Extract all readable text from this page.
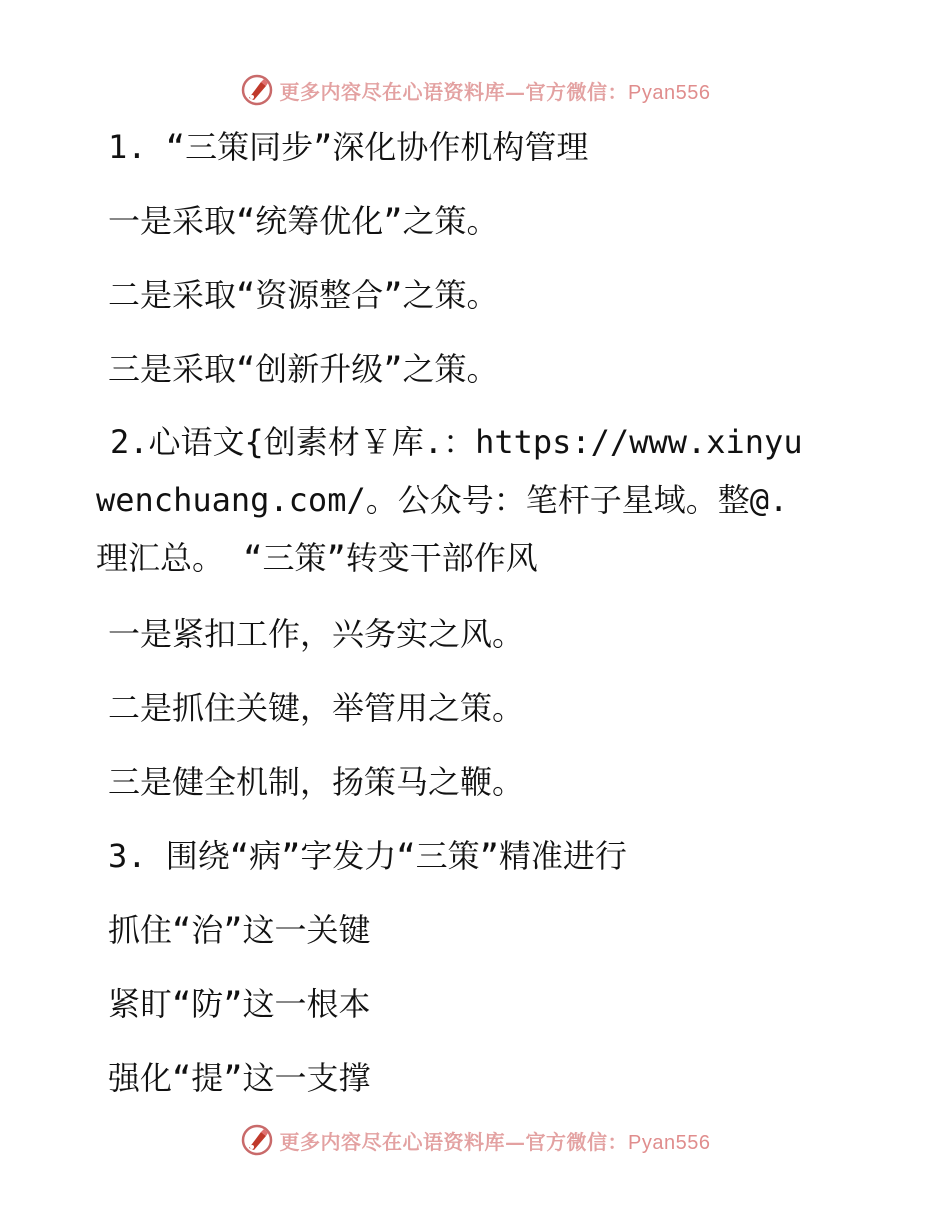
更多内容尽在心语资料库—官方微信：Pyan556
1. “三策同步”深化协作机构管理
一是采取“统筹优化”之策。
二是采取“资源整合”之策。
三是采取“创新升级”之策。
2.心语文{创素材￥库.：https://www.xinyuwenchuang.com/。公众号：笔杆子星域。整@.理汇总。 “三策”转变干部作风
一是紧扣工作，兴务实之风。
二是抓住关键，举管用之策。
三是健全机制，扬策马之鞭。
3. 围绕“病”字发力“三策”精准进行
抓住“治”这一关键
紧盯“防”这一根本
强化“提”这一支撑
更多内容尽在心语资料库—官方微信：Pyan556
